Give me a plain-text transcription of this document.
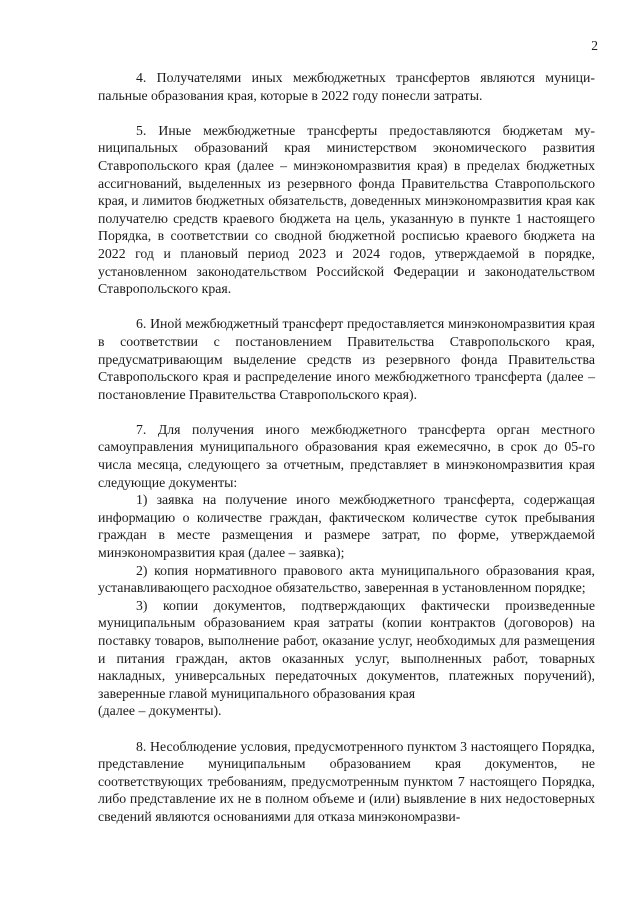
2

4. Получателями иных межбюджетных трансфертов являются муниципальные образования края, которые в 2022 году понесли затраты.

5. Иные межбюджетные трансферты предоставляются бюджетам муниципальных образований края министерством экономического развития Ставропольского края (далее – минэкономразвития края) в пределах бюджетных ассигнований, выделенных из резервного фонда Правительства Ставропольского края, и лимитов бюджетных обязательств, доведенных минэкономразвития края как получателю средств краевого бюджета на цель, указанную в пункте 1 настоящего Порядка, в соответствии со сводной бюджетной росписью краевого бюджета на 2022 год и плановый период 2023 и 2024 годов, утверждаемой в порядке, установленном законодательством Российской Федерации и законодательством Ставропольского края.

6. Иной межбюджетный трансферт предоставляется минэкономразвития края в соответствии с постановлением Правительства Ставропольского края, предусматривающим выделение средств из резервного фонда Правительства Ставропольского края и распределение иного межбюджетного трансферта (далее – постановление Правительства Ставропольского края).

7. Для получения иного межбюджетного трансферта орган местного самоуправления муниципального образования края ежемесячно, в срок до 05-го числа месяца, следующего за отчетным, представляет в минэкономразвития края следующие документы:

1) заявка на получение иного межбюджетного трансферта, содержащая информацию о количестве граждан, фактическом количестве суток пребывания граждан в месте размещения и размере затрат, по форме, утверждаемой минэкономразвития края (далее – заявка);

2) копия нормативного правового акта муниципального образования края, устанавливающего расходное обязательство, заверенная в установленном порядке;

3) копии документов, подтверждающих фактически произведенные муниципальным образованием края затраты (копии контрактов (договоров) на поставку товаров, выполнение работ, оказание услуг, необходимых для размещения и питания граждан, актов оказанных услуг, выполненных работ, товарных накладных, универсальных передаточных документов, платежных поручений), заверенные главой муниципального образования края

(далее – документы).

8. Несоблюдение условия, предусмотренного пунктом 3 настоящего Порядка, представление муниципальным образованием края документов, не соответствующих требованиям, предусмотренным пунктом 7 настоящего Порядка, либо представление их не в полном объеме и (или) выявление в них недостоверных сведений являются основаниями для отказа минэкономразви-
